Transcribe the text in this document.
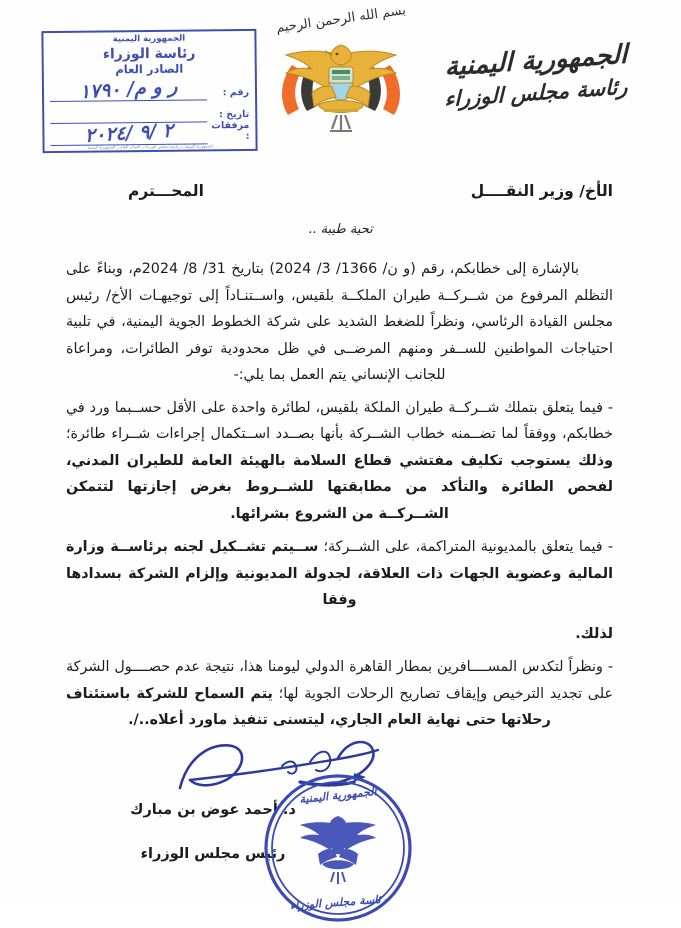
الجمهورية اليمنية
رئاسة الوزراء
الصادر العام
رقم :
ر و م/ ١٧٩٠
تاريخ :
مرفقات :
٢ /٩ /٢٠٢٤
الجمهورية اليمنية ــ رئاسة مجلس الوزراء ــ الصادر العام ــ الجمهورية اليمنية
بسم الله الرحمن الرحيم
الجمهورية اليمنية
رئاسة مجلس الوزراء
الأخ/ وزير النقــــل
المحـــترم
تحية طيبة ..

بالإشارة إلى خطابكم، رقم (و ن/ 1366/ 3/ 2024) بتاريخ 31/ 8/ 2024م، وبناءً على التظلم المرفوع من شــركــة طيران الملكــة بلقيس، واســتنـاداً إلى توجيهـات الأخ/ رئيس مجلس القيادة الرئاسي، ونظراً للضغط الشديد على شركة الخطوط الجوية اليمنية، في تلبية احتياجات المواطنين للســفر ومنهم المرضــى في ظل محدودية توفر الطائرات، ومراعاة للجانب الإنساني يتم العمل بما يلي:-

- فيما يتعلق بتملك شــركــة طيران الملكة بلقيس، لطائرة واحدة على الأقل حســبما ورد في خطابكم، ووفقاً لما تضــمنه خطاب الشــركة بأنها بصــدد اســتكمال إجراءات شــراء طائرة؛ وذلك يستوجب تكليف مفتشي قطاع السلامة بالهيئة العامة للطيران المدني، لفحص الطائرة والتأكد من مطابقتها للشــروط بغرض إجازتها لتتمكن الشــركــة من الشروع بشرائها.

- فيما يتعلق بالمديونية المتراكمة، على الشــركة؛ ســيتم تشــكيل لجنه برئاســة وزارة المالية وعضوية الجهات ذات العلاقة، لجدولة المديونية وإلزام الشركة بسدادها وفقا

لذلك.

- ونظراً لتكدس المســــافرين بمطار القاهرة الدولي ليومنا هذا، نتيجة عدم حصــــول الشركة على تجديد الترخيص وإيقاف تصاريح الرحلات الجوية لها؛ يتم السماح للشركة باستئناف رحلاتها حتى نهاية العام الجاري، ليتسنى تنفيذ ماورد أعلاه../.

د. أحمد عوض بن مبارك
رئيس مجلس الوزراء
الجمهورية اليمنية
رئاسة مجلس الوزراء
